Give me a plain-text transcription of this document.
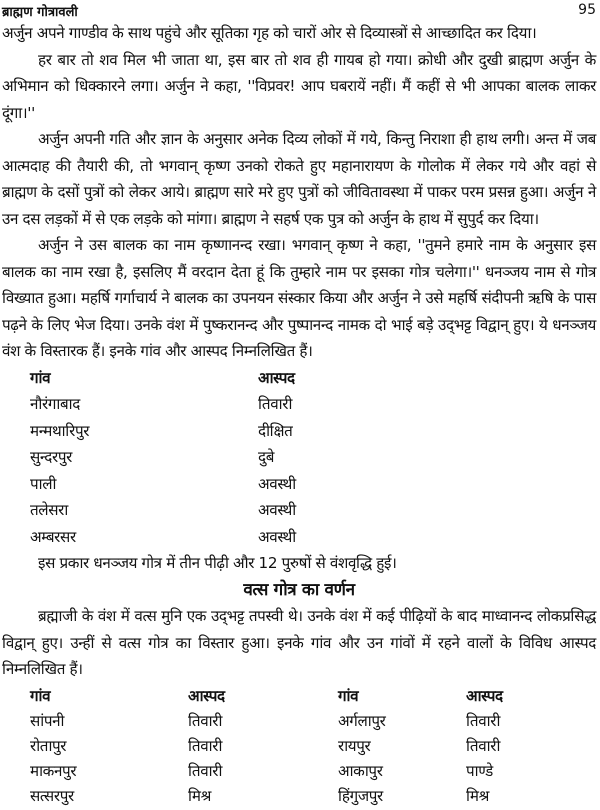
ब्राह्मण गोत्रावली	95

अर्जुन अपने गाण्डीव के साथ पहुंचे और सूतिका गृह को चारों ओर से दिव्यास्त्रों से आच्छादित कर दिया।

हर बार तो शव मिल भी जाता था, इस बार तो शव ही गायब हो गया। क्रोधी और दुखी ब्राह्मण अर्जुन के अभिमान को धिक्कारने लगा। अर्जुन ने कहा, ''विप्रवर! आप घबरायें नहीं। मैं कहीं से भी आपका बालक लाकर दूंगा।''

अर्जुन अपनी गति और ज्ञान के अनुसार अनेक दिव्य लोकों में गये, किन्तु निराशा ही हाथ लगी। अन्त में जब आत्मदाह की तैयारी की, तो भगवान् कृष्ण उनको रोकते हुए महानारायण के गोलोक में लेकर गये और वहां से ब्राह्मण के दसों पुत्रों को लेकर आये। ब्राह्मण सारे मरे हुए पुत्रों को जीवितावस्था में पाकर परम प्रसन्न हुआ। अर्जुन ने उन दस लड़कों में से एक लड़के को मांगा। ब्राह्मण ने सहर्ष एक पुत्र को अर्जुन के हाथ में सुपुर्द कर दिया।

अर्जुन ने उस बालक का नाम कृष्णानन्द रखा। भगवान् कृष्ण ने कहा, ''तुमने हमारे नाम के अनुसार इस बालक का नाम रखा है, इसलिए मैं वरदान देता हूं कि तुम्हारे नाम पर इसका गोत्र चलेगा।'' धनञ्जय नाम से गोत्र विख्यात हुआ। महर्षि गर्गाचार्य ने बालक का उपनयन संस्कार किया और अर्जुन ने उसे महर्षि संदीपनी ऋषि के पास पढ़ने के लिए भेज दिया। उनके वंश में पुष्करानन्द और पुष्पानन्द नामक दो भाई बड़े उद्‌भट्ट विद्वान् हुए। ये धनञ्जय वंश के विस्तारक हैं। इनके गांव और आस्पद निम्नलिखित हैं।

गांव	आस्पद
नौरंगाबाद	तिवारी
मन्मथारिपुर	दीक्षित
सुन्दरपुर	दुबे
पाली	अवस्थी
तलेसरा	अवस्थी
अम्बरसर	अवस्थी

इस प्रकार धनञ्जय गोत्र में तीन पीढ़ी और 12 पुरुषों से वंशवृद्धि हुई।

वत्स गोत्र का वर्णन

ब्रह्माजी के वंश में वत्स मुनि एक उद्‌भट्ट तपस्वी थे। उनके वंश में कई पीढ़ियों के बाद माध्वानन्द लोकप्रसिद्ध विद्वान् हुए। उन्हीं से वत्स गोत्र का विस्तार हुआ। इनके गांव और उन गांवों में रहने वालों के विविध आस्पद निम्नलिखित हैं।

गांव	आस्पद	गांव	आस्पद
सांपनी	तिवारी	अर्गलापुर	तिवारी
रोतापुर	तिवारी	रायपुर	तिवारी
माकनपुर	तिवारी	आकापुर	पाण्डे
सत्सरपुर	मिश्र	हिंगुजपुर	मिश्र
